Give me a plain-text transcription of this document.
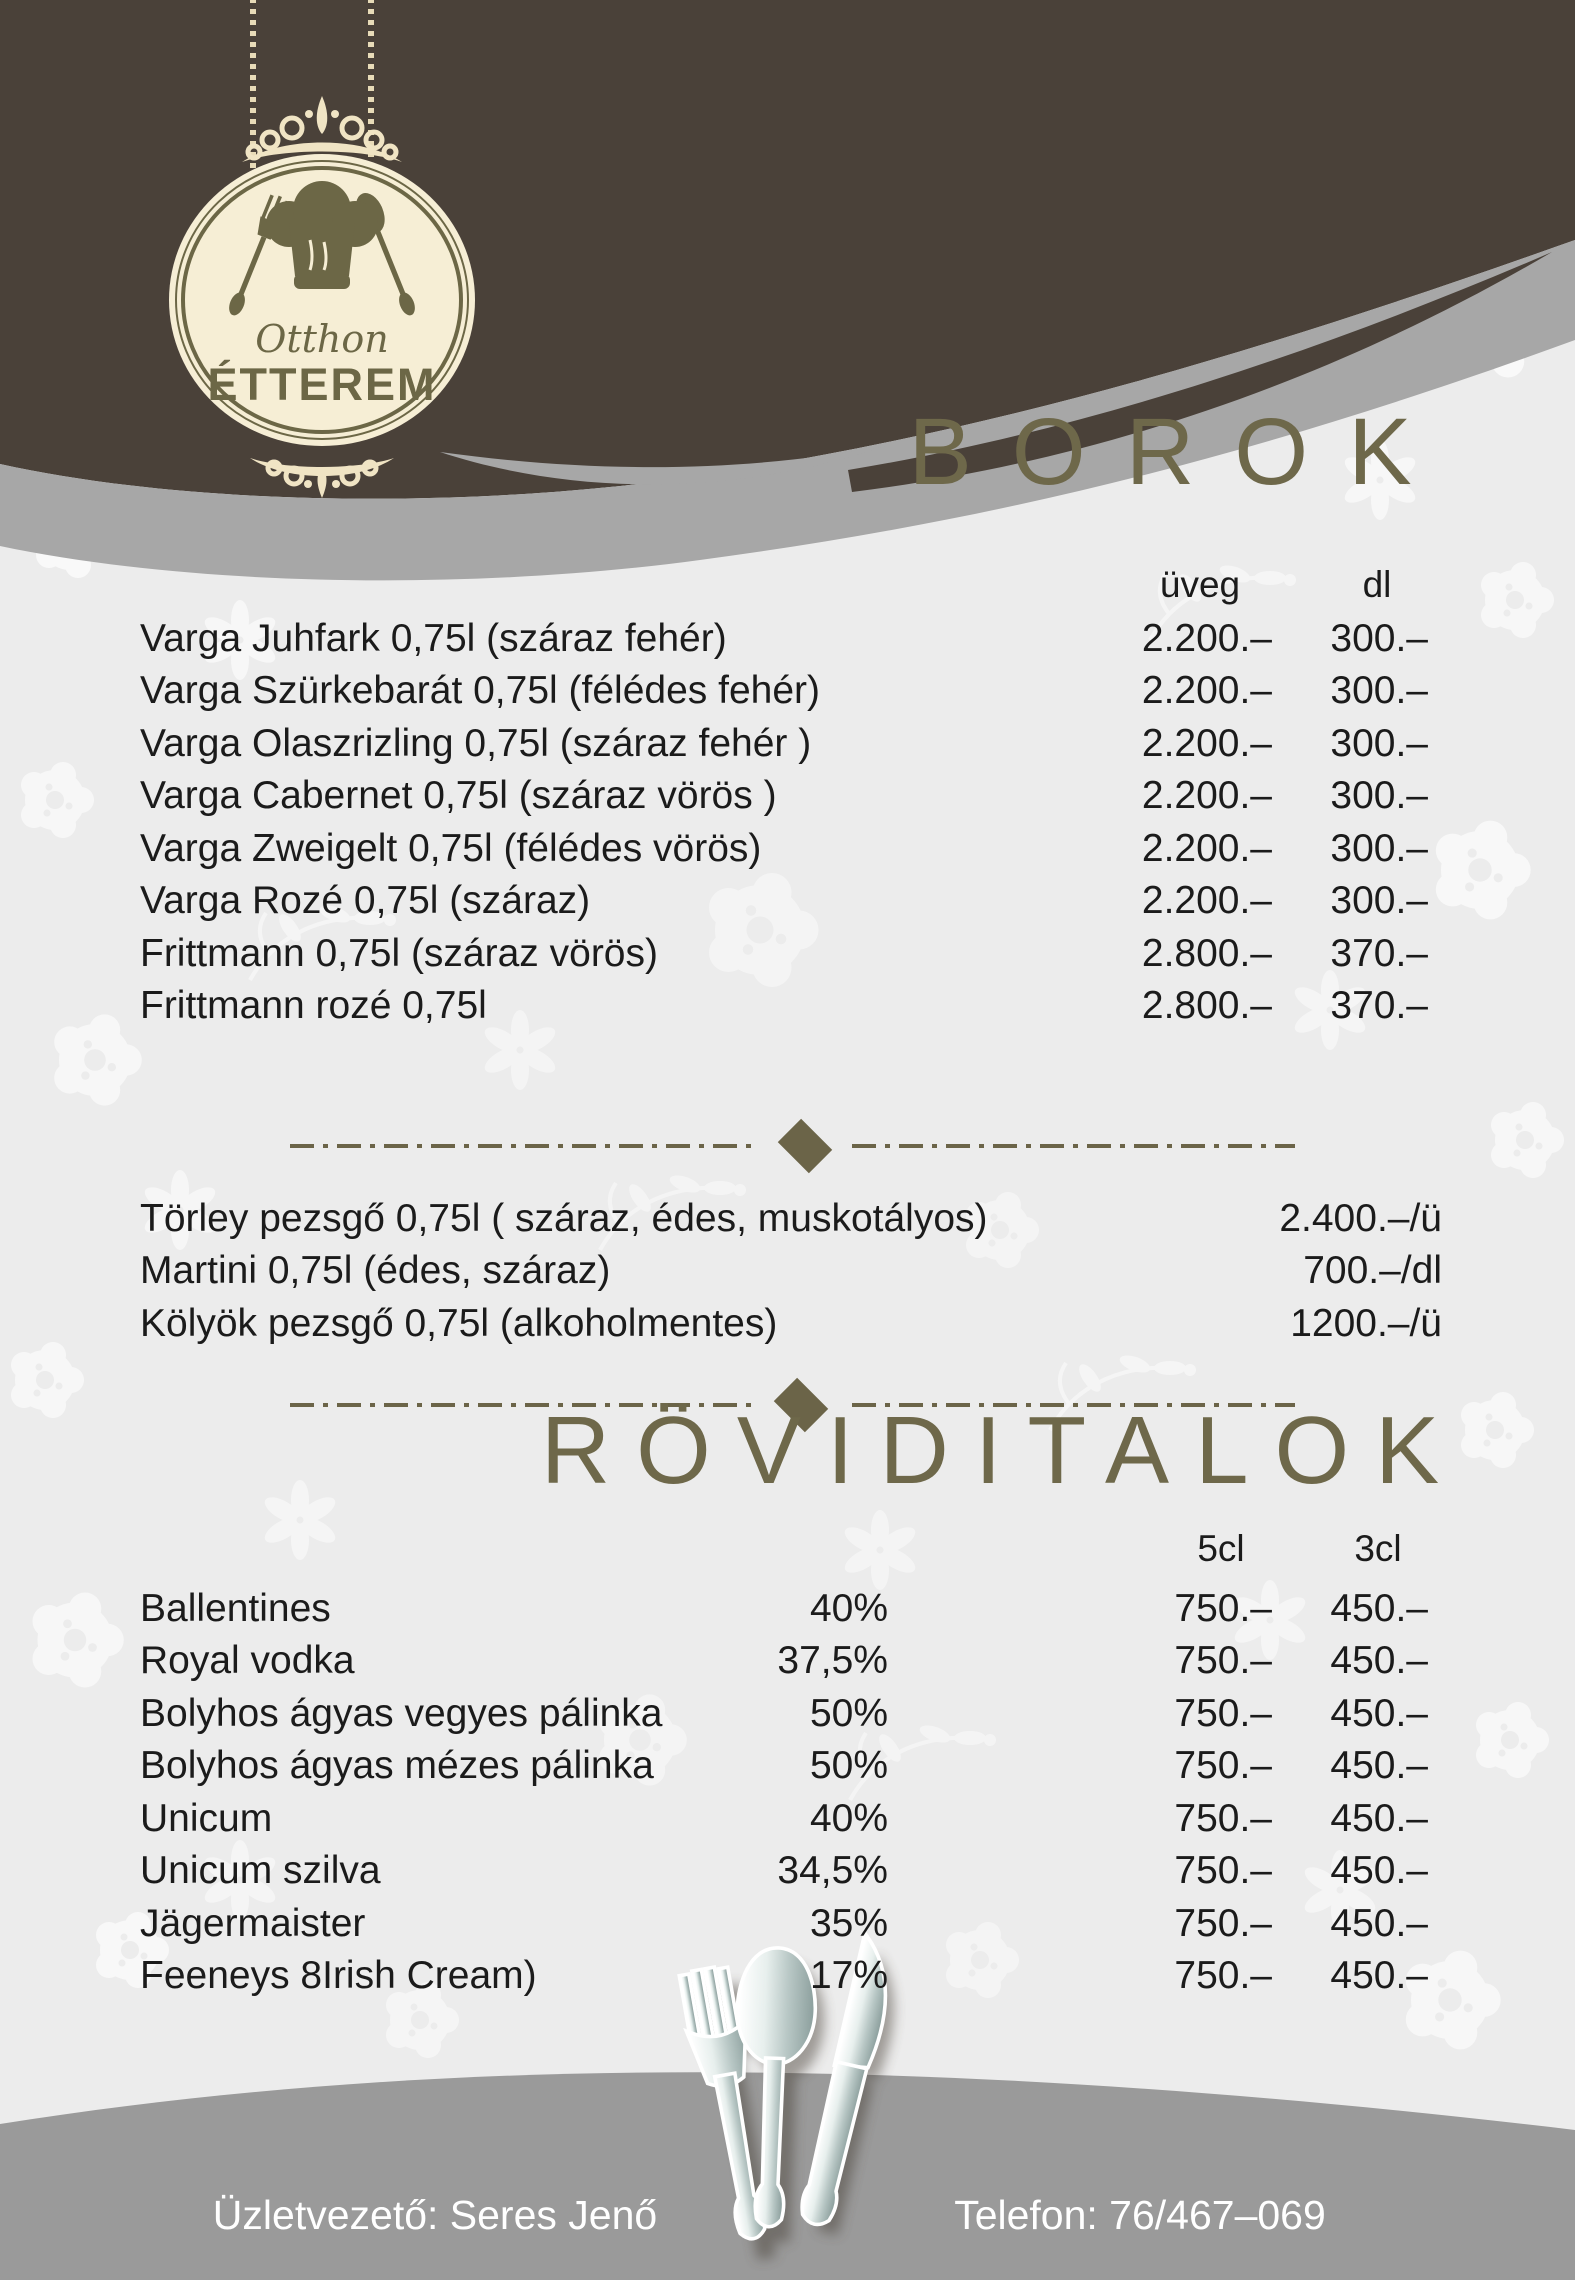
Otthon
ÉTTEREM
BOROK
üveg	dl
Varga Juhfark 0,75l (száraz fehér)	2.200.–	300.–
Varga Szürkebarát 0,75l (félédes fehér)	2.200.–	300.–
Varga Olaszrizling 0,75l (száraz fehér )	2.200.–	300.–
Varga Cabernet 0,75l (száraz vörös )	2.200.–	300.–
Varga Zweigelt 0,75l (félédes vörös)	2.200.–	300.–
Varga Rozé 0,75l (száraz)	2.200.–	300.–
Frittmann 0,75l (száraz vörös)	2.800.–	370.–
Frittmann rozé 0,75l	2.800.–	370.–
Törley pezsgő 0,75l ( száraz, édes, muskotályos)	2.400.–/ü
Martini 0,75l (édes, száraz)	700.–/dl
Kölyök pezsgő 0,75l (alkoholmentes)	1200.–/ü
RÖVIDITALOK
5cl	3cl
Ballentines	40%	750.–	450.–
Royal vodka	37,5%	750.–	450.–
Bolyhos ágyas vegyes pálinka	50%	750.–	450.–
Bolyhos ágyas mézes pálinka	50%	750.–	450.–
Unicum	40%	750.–	450.–
Unicum szilva	34,5%	750.–	450.–
Jägermaister	35%	750.–	450.–
Feeneys 8Irish Cream)	17%	750.–	450.–
Üzletvezető: Seres Jenő	Telefon: 76/467–069
